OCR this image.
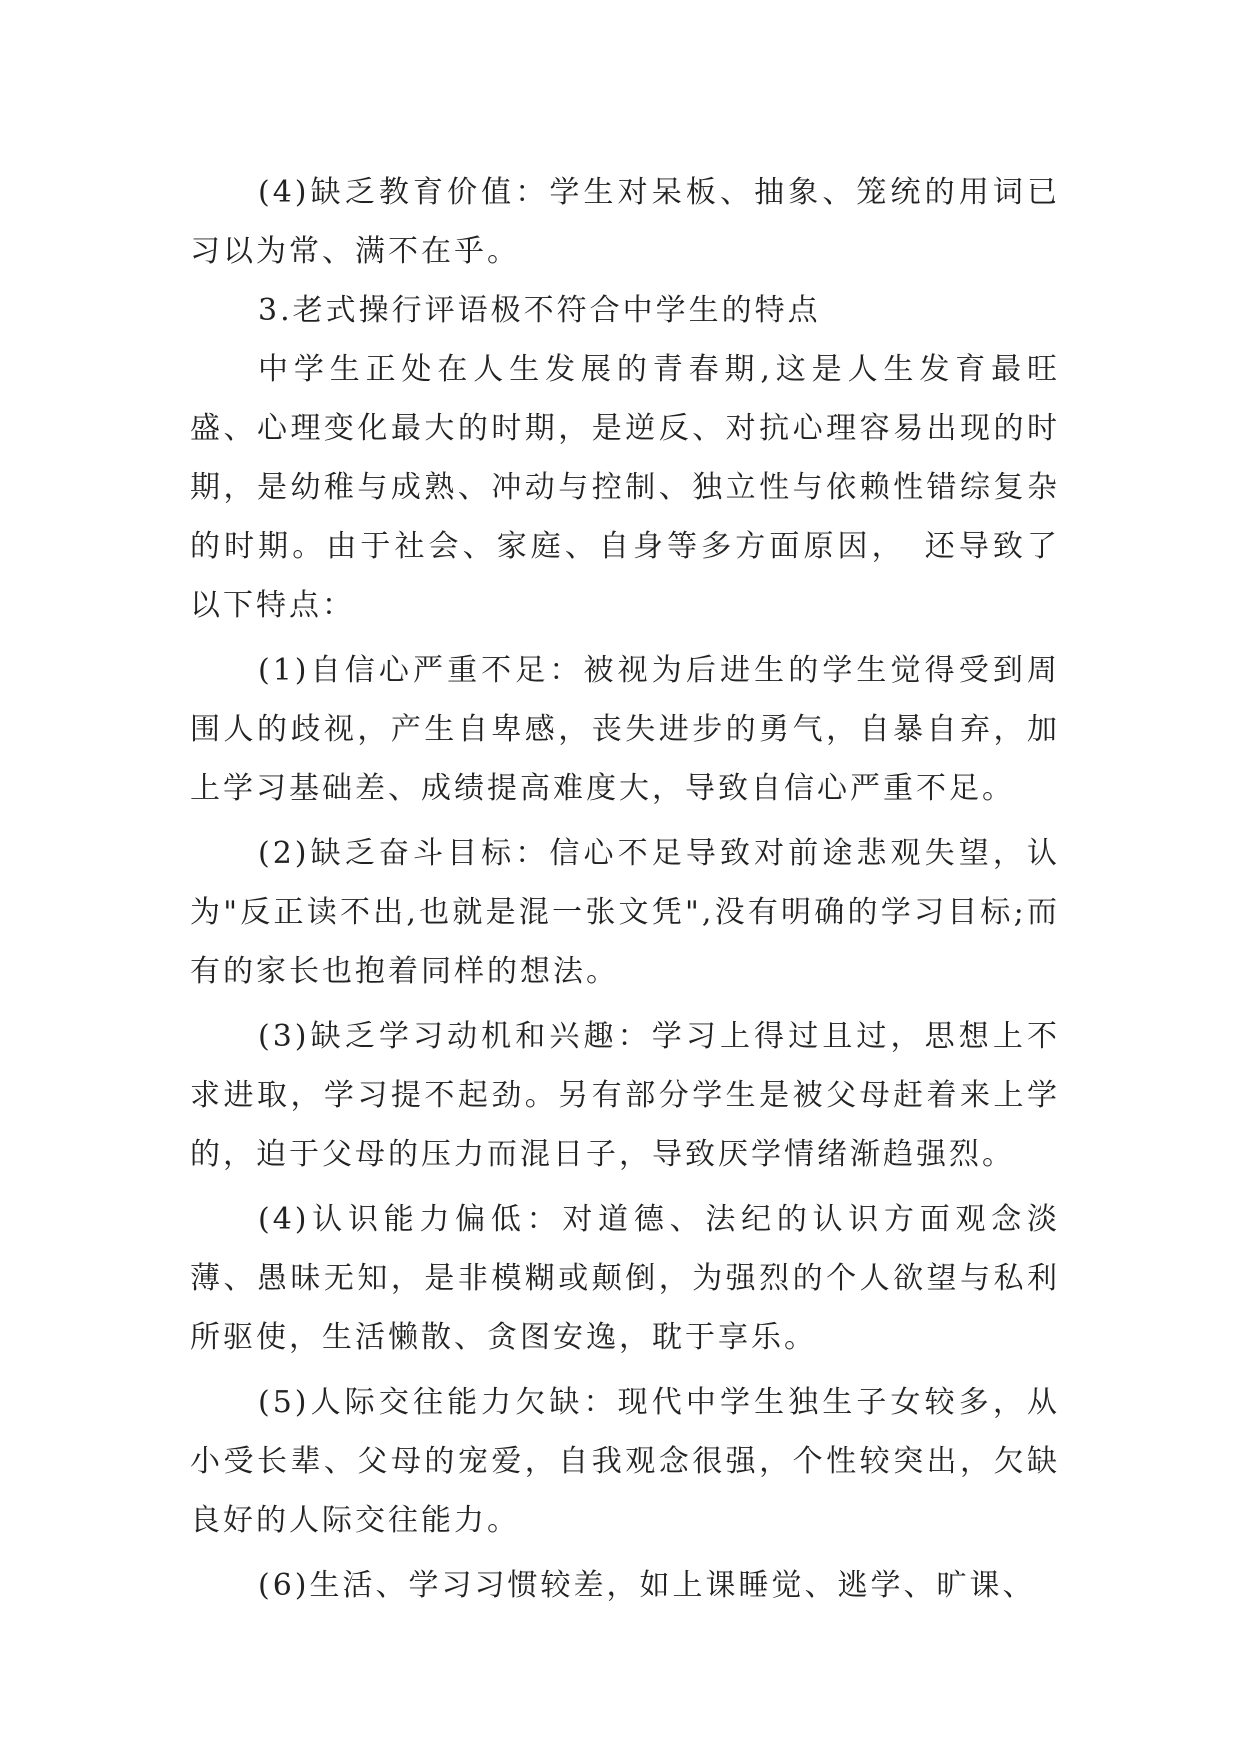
(4)缺乏教育价值：学生对呆板、抽象、笼统的用词已习以为常、满不在乎。

3.老式操行评语极不符合中学生的特点

中学生正处在人生发展的青春期,这是人生发育最旺盛、心理变化最大的时期，是逆反、对抗心理容易出现的时期，是幼稚与成熟、冲动与控制、独立性与依赖性错综复杂的时期。由于社会、家庭、自身等多方面原因，　还导致了以下特点：

(1)自信心严重不足：被视为后进生的学生觉得受到周围人的歧视，产生自卑感，丧失进步的勇气，自暴自弃，加上学习基础差、成绩提高难度大，导致自信心严重不足。

(2)缺乏奋斗目标：信心不足导致对前途悲观失望，认为"反正读不出,也就是混一张文凭",没有明确的学习目标;而有的家长也抱着同样的想法。

(3)缺乏学习动机和兴趣：学习上得过且过，思想上不求进取，学习提不起劲。另有部分学生是被父母赶着来上学的，迫于父母的压力而混日子，导致厌学情绪渐趋强烈。

(4)认识能力偏低：对道德、法纪的认识方面观念淡薄、愚昧无知，是非模糊或颠倒，为强烈的个人欲望与私利所驱使，生活懒散、贪图安逸，耽于享乐。

(5)人际交往能力欠缺：现代中学生独生子女较多，从小受长辈、父母的宠爱，自我观念很强，个性较突出，欠缺良好的人际交往能力。

(6)生活、学习习惯较差，如上课睡觉、逃学、旷课、
